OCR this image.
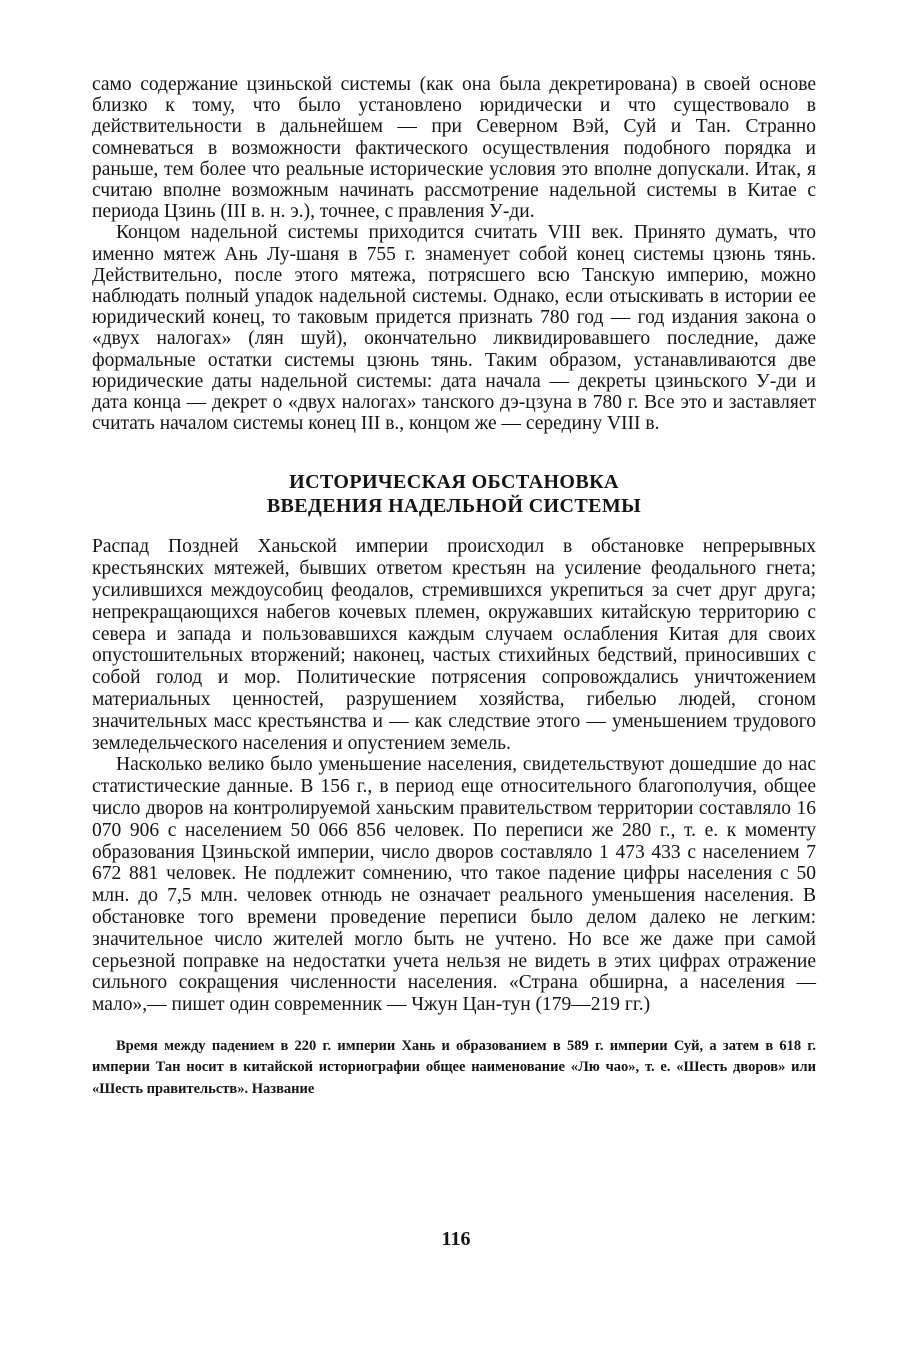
само содержание цзиньской системы (как она была декретирована) в своей основе близко к тому, что было установлено юридически и что существовало в действительности в дальнейшем — при Северном Вэй, Суй и Тан. Странно сомневаться в возможности фактического осуществления подобного порядка и раньше, тем более что реальные исторические условия это вполне допускали. Итак, я считаю вполне возможным начинать рассмотрение надельной системы в Китае с периода Цзинь (III в. н. э.), точнее, с правления У-ди.

Концом надельной системы приходится считать VIII век. Принято думать, что именно мятеж Ань Лу-шаня в 755 г. знаменует собой конец системы цзюнь тянь. Действительно, после этого мятежа, потрясшего всю Танскую империю, можно наблюдать полный упадок надельной системы. Однако, если отыскивать в истории ее юридический конец, то таковым придется признать 780 год — год издания закона о «двух налогах» (лян шуй), окончательно ликвидировавшего последние, даже формальные остатки системы цзюнь тянь. Таким образом, устанавливаются две юридические даты надельной системы: дата начала — декреты цзиньского У-ди и дата конца — декрет о «двух налогах» танского дэ-цзуна в 780 г. Все это и заставляет считать началом системы конец III в., концом же — середину VIII в.

ИСТОРИЧЕСКАЯ ОБСТАНОВКА
ВВЕДЕНИЯ НАДЕЛЬНОЙ СИСТЕМЫ

Распад Поздней Ханьской империи происходил в обстановке непрерывных крестьянских мятежей, бывших ответом крестьян на усиление феодального гнета; усилившихся междоусобиц феодалов, стремившихся укрепиться за счет друг друга; непрекращающихся набегов кочевых племен, окружавших китайскую территорию с севера и запада и пользовавшихся каждым случаем ослабления Китая для своих опустошительных вторжений; наконец, частых стихийных бедствий, приносивших с собой голод и мор. Политические потрясения сопровождались уничтожением материальных ценностей, разрушением хозяйства, гибелью людей, сгоном значительных масс крестьянства и — как следствие этого — уменьшением трудового земледельческого населения и опустением земель.

Насколько велико было уменьшение населения, свидетельствуют дошедшие до нас статистические данные. В 156 г., в период еще относительного благополучия, общее число дворов на контролируемой ханьским правительством территории составляло 16 070 906 с населением 50 066 856 человек. По переписи же 280 г., т. е. к моменту образования Цзиньской империи, число дворов составляло 1 473 433 с населением 7 672 881 человек. Не подлежит сомнению, что такое падение цифры населения с 50 млн. до 7,5 млн. человек отнюдь не означает реального уменьшения населения. В обстановке того времени проведение переписи было делом далеко не легким: значительное число жителей могло быть не учтено. Но все же даже при самой серьезной поправке на недостатки учета нельзя не видеть в этих цифрах отражение сильного сокращения численности населения. «Страна обширна, а населения — мало»,— пишет один современник — Чжун Цан-тун (179—219 гг.)

Время между падением в 220 г. империи Хань и образованием в 589 г. империи Суй, а затем в 618 г. империи Тан носит в китайской историографии общее наименование «Лю чао», т. е. «Шесть дворов» или «Шесть правительств». Название

116
